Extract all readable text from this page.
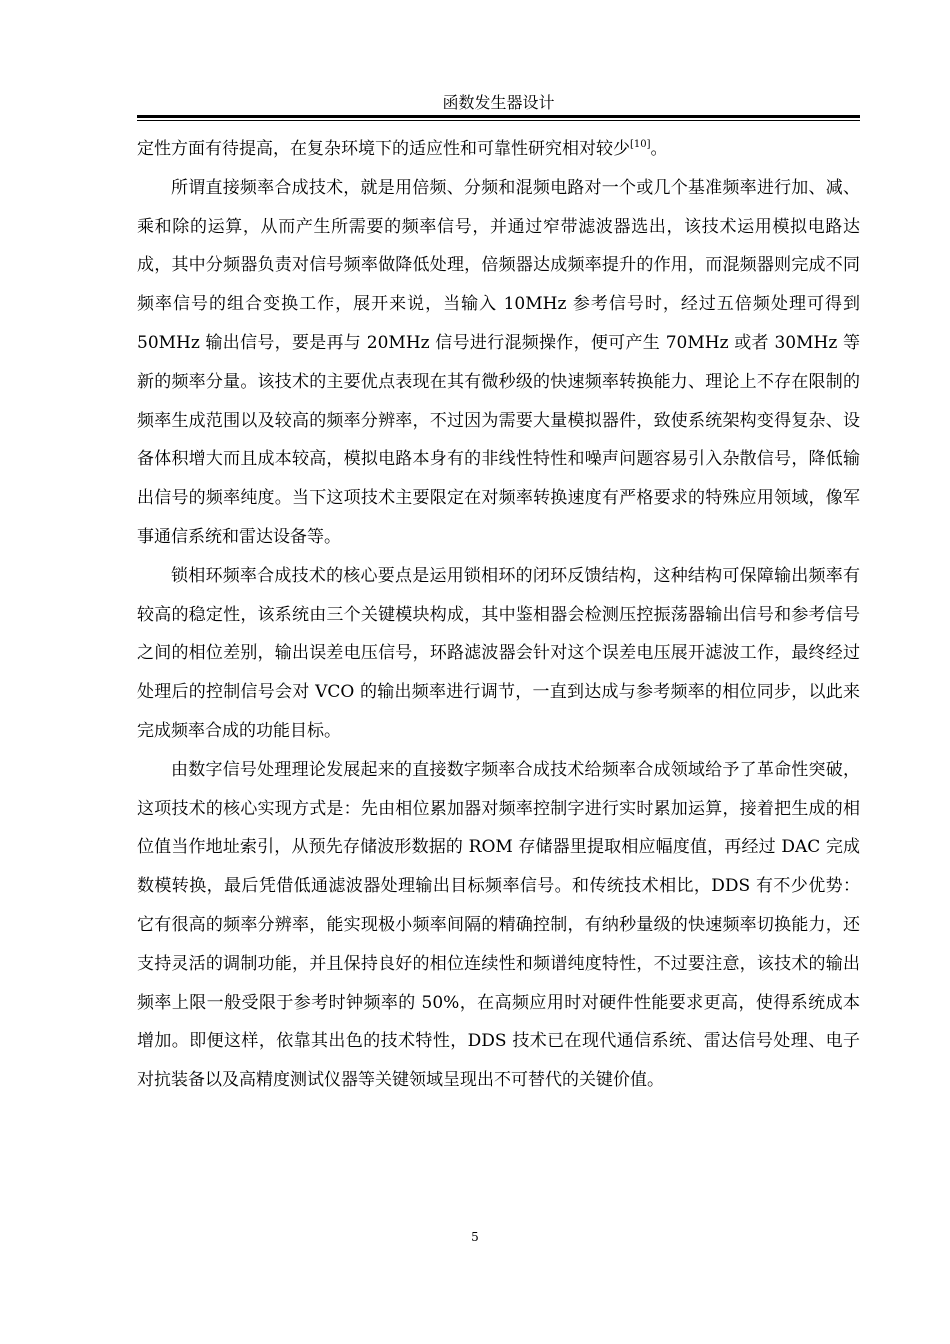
函数发生器设计

定性方面有待提高，在复杂环境下的适应性和可靠性研究相对较少[10]。

所谓直接频率合成技术，就是用倍频、分频和混频电路对一个或几个基准频率进行加、减、乘和除的运算，从而产生所需要的频率信号，并通过窄带滤波器选出，该技术运用模拟电路达成，其中分频器负责对信号频率做降低处理，倍频器达成频率提升的作用，而混频器则完成不同频率信号的组合变换工作，展开来说，当输入 10MHz 参考信号时，经过五倍频处理可得到 50MHz 输出信号，要是再与 20MHz 信号进行混频操作，便可产生 70MHz 或者 30MHz 等新的频率分量。该技术的主要优点表现在其有微秒级的快速频率转换能力、理论上不存在限制的频率生成范围以及较高的频率分辨率，不过因为需要大量模拟器件，致使系统架构变得复杂、设备体积增大而且成本较高，模拟电路本身有的非线性特性和噪声问题容易引入杂散信号，降低输出信号的频率纯度。当下这项技术主要限定在对频率转换速度有严格要求的特殊应用领域，像军事通信系统和雷达设备等。

锁相环频率合成技术的核心要点是运用锁相环的闭环反馈结构，这种结构可保障输出频率有较高的稳定性，该系统由三个关键模块构成，其中鉴相器会检测压控振荡器输出信号和参考信号之间的相位差别，输出误差电压信号，环路滤波器会针对这个误差电压展开滤波工作，最终经过处理后的控制信号会对 VCO 的输出频率进行调节，一直到达成与参考频率的相位同步，以此来完成频率合成的功能目标。

由数字信号处理理论发展起来的直接数字频率合成技术给频率合成领域给予了革命性突破，这项技术的核心实现方式是：先由相位累加器对频率控制字进行实时累加运算，接着把生成的相位值当作地址索引，从预先存储波形数据的 ROM 存储器里提取相应幅度值，再经过 DAC 完成数模转换，最后凭借低通滤波器处理输出目标频率信号。和传统技术相比，DDS 有不少优势：它有很高的频率分辨率，能实现极小频率间隔的精确控制，有纳秒量级的快速频率切换能力，还支持灵活的调制功能，并且保持良好的相位连续性和频谱纯度特性，不过要注意，该技术的输出频率上限一般受限于参考时钟频率的 50%，在高频应用时对硬件性能要求更高，使得系统成本增加。即便这样，依靠其出色的技术特性，DDS 技术已在现代通信系统、雷达信号处理、电子对抗装备以及高精度测试仪器等关键领域呈现出不可替代的关键价值。

5
